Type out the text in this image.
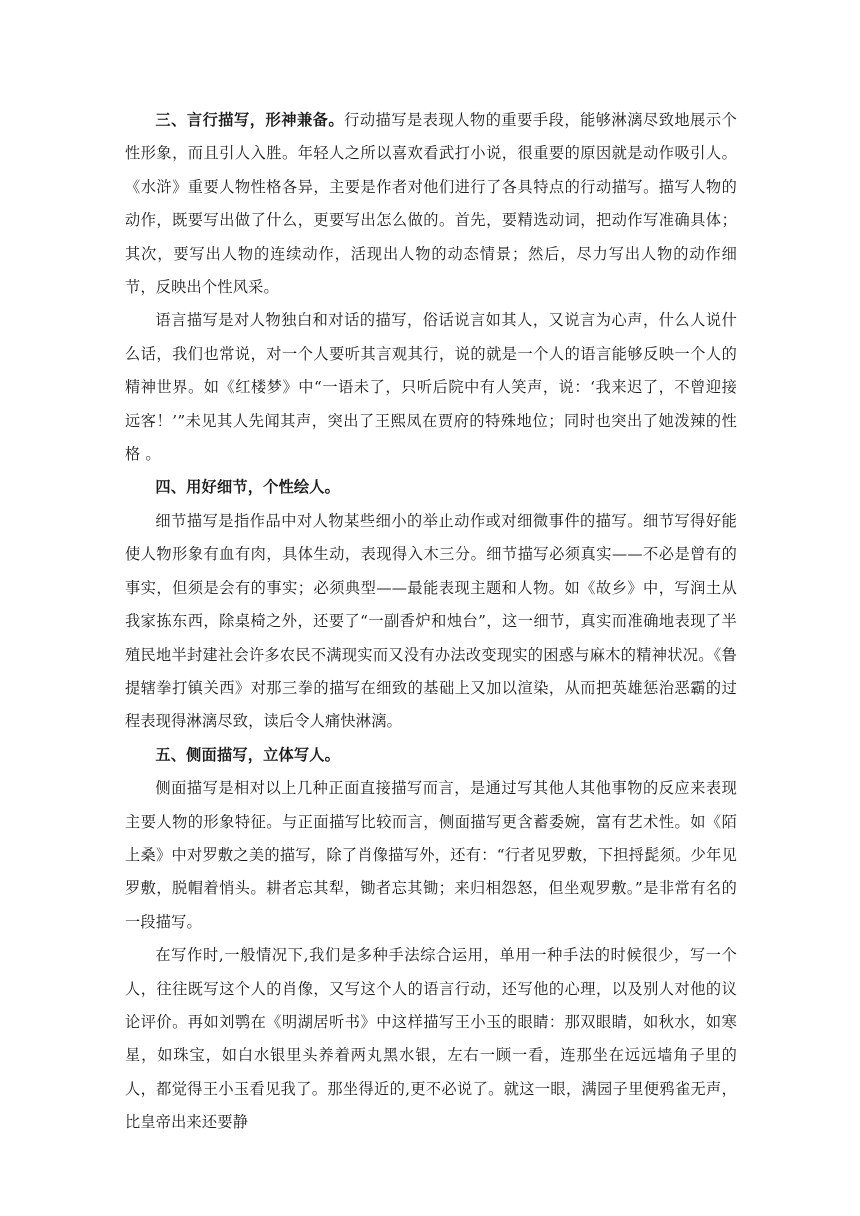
三、言行描写，形神兼备。行动描写是表现人物的重要手段，能够淋漓尽致地展示个性形象，而且引人入胜。年轻人之所以喜欢看武打小说，很重要的原因就是动作吸引人。《水浒》重要人物性格各异，主要是作者对他们进行了各具特点的行动描写。描写人物的动作，既要写出做了什么，更要写出怎么做的。首先，要精选动词，把动作写准确具体；其次，要写出人物的连续动作，活现出人物的动态情景；然后，尽力写出人物的动作细节，反映出个性风采。

语言描写是对人物独白和对话的描写，俗话说言如其人，又说言为心声，什么人说什么话，我们也常说，对一个人要听其言观其行，说的就是一个人的语言能够反映一个人的精神世界。如《红楼梦》中“一语未了，只听后院中有人笑声，说：‘我来迟了，不曾迎接远客！’”未见其人先闻其声，突出了王熙凤在贾府的特殊地位；同时也突出了她泼辣的性格 。

四、用好细节，个性绘人。

细节描写是指作品中对人物某些细小的举止动作或对细微事件的描写。细节写得好能使人物形象有血有肉，具体生动，表现得入木三分。细节描写必须真实——不必是曾有的事实，但须是会有的事实；必须典型——最能表现主题和人物。如《故乡》中，写润土从我家拣东西，除桌椅之外，还要了“一副香炉和烛台”，这一细节，真实而准确地表现了半殖民地半封建社会许多农民不满现实而又没有办法改变现实的困惑与麻木的精神状况。《鲁提辖拳打镇关西》对那三拳的描写在细致的基础上又加以渲染，从而把英雄惩治恶霸的过程表现得淋漓尽致，读后令人痛快淋漓。

五、侧面描写，立体写人。

侧面描写是相对以上几种正面直接描写而言，是通过写其他人其他事物的反应来表现主要人物的形象特征。与正面描写比较而言，侧面描写更含蓄委婉，富有艺术性。如《陌上桑》中对罗敷之美的描写，除了肖像描写外，还有：“行者见罗敷，下担捋髭须。少年见罗敷，脱帽着悄头。耕者忘其犁，锄者忘其锄；来归相怨怒，但坐观罗敷。”是非常有名的一段描写。

在写作时,一般情况下,我们是多种手法综合运用，单用一种手法的时候很少，写一个人，往往既写这个人的肖像，又写这个人的语言行动，还写他的心理，以及别人对他的议论评价。再如刘鹗在《明湖居听书》中这样描写王小玉的眼睛：那双眼睛，如秋水，如寒星，如珠宝，如白水银里头养着两丸黑水银，左右一顾一看，连那坐在远远墙角子里的人，都觉得王小玉看见我了。那坐得近的,更不必说了。就这一眼，满园子里便鸦雀无声，比皇帝出来还要静
